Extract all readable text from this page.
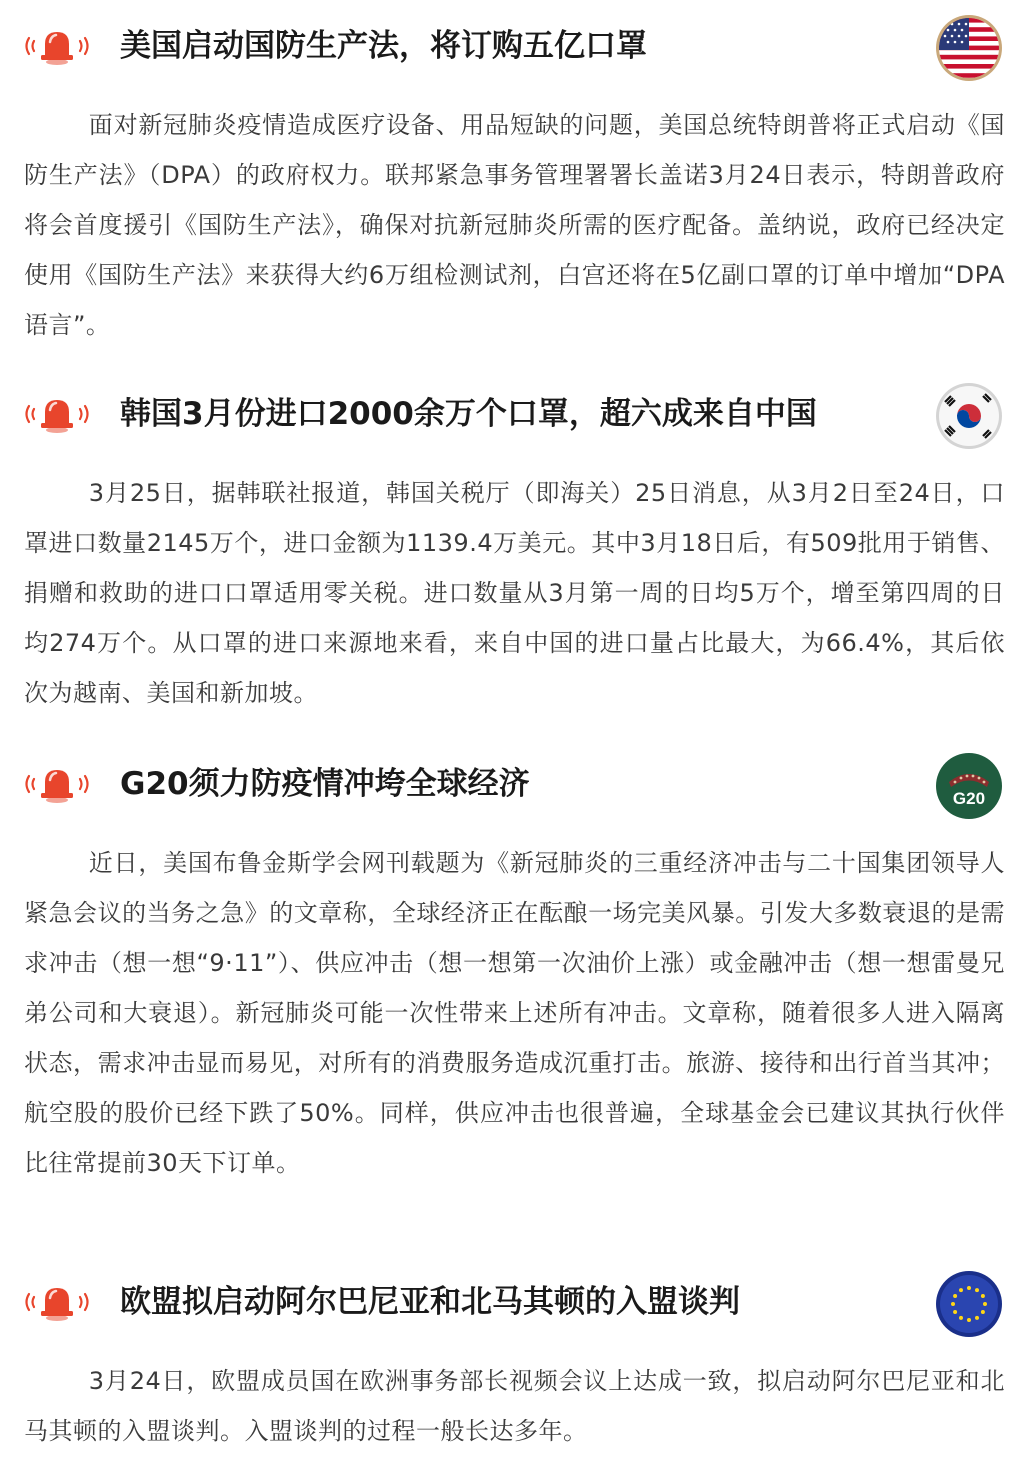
美国启动国防生产法，将订购五亿口罩

面对新冠肺炎疫情造成医疗设备、用品短缺的问题，美国总统特朗普将正式启动《国防生产法》（DPA）的政府权力。联邦紧急事务管理署署长盖诺3月24日表示，特朗普政府将会首度援引《国防生产法》，确保对抗新冠肺炎所需的医疗配备。盖纳说，政府已经决定使用《国防生产法》来获得大约6万组检测试剂，白宫还将在5亿副口罩的订单中增加“DPA语言”。

韩国3月份进口2000余万个口罩，超六成来自中国

3月25日，据韩联社报道，韩国关税厅（即海关）25日消息，从3月2日至24日，口罩进口数量2145万个，进口金额为1139.4万美元。其中3月18日后，有509批用于销售、捐赠和救助的进口口罩适用零关税。进口数量从3月第一周的日均5万个，增至第四周的日均274万个。从口罩的进口来源地来看，来自中国的进口量占比最大，为66.4%，其后依次为越南、美国和新加坡。

G20须力防疫情冲垮全球经济	G20

近日，美国布鲁金斯学会网刊载题为《新冠肺炎的三重经济冲击与二十国集团领导人紧急会议的当务之急》的文章称，全球经济正在酝酿一场完美风暴。引发大多数衰退的是需求冲击（想一想“9·11”）、供应冲击（想一想第一次油价上涨）或金融冲击（想一想雷曼兄弟公司和大衰退）。新冠肺炎可能一次性带来上述所有冲击。文章称，随着很多人进入隔离状态，需求冲击显而易见，对所有的消费服务造成沉重打击。旅游、接待和出行首当其冲；航空股的股价已经下跌了50%。同样，供应冲击也很普遍，全球基金会已建议其执行伙伴比往常提前30天下订单。

欧盟拟启动阿尔巴尼亚和北马其顿的入盟谈判

3月24日，欧盟成员国在欧洲事务部长视频会议上达成一致，拟启动阿尔巴尼亚和北马其顿的入盟谈判。入盟谈判的过程一般长达多年。
